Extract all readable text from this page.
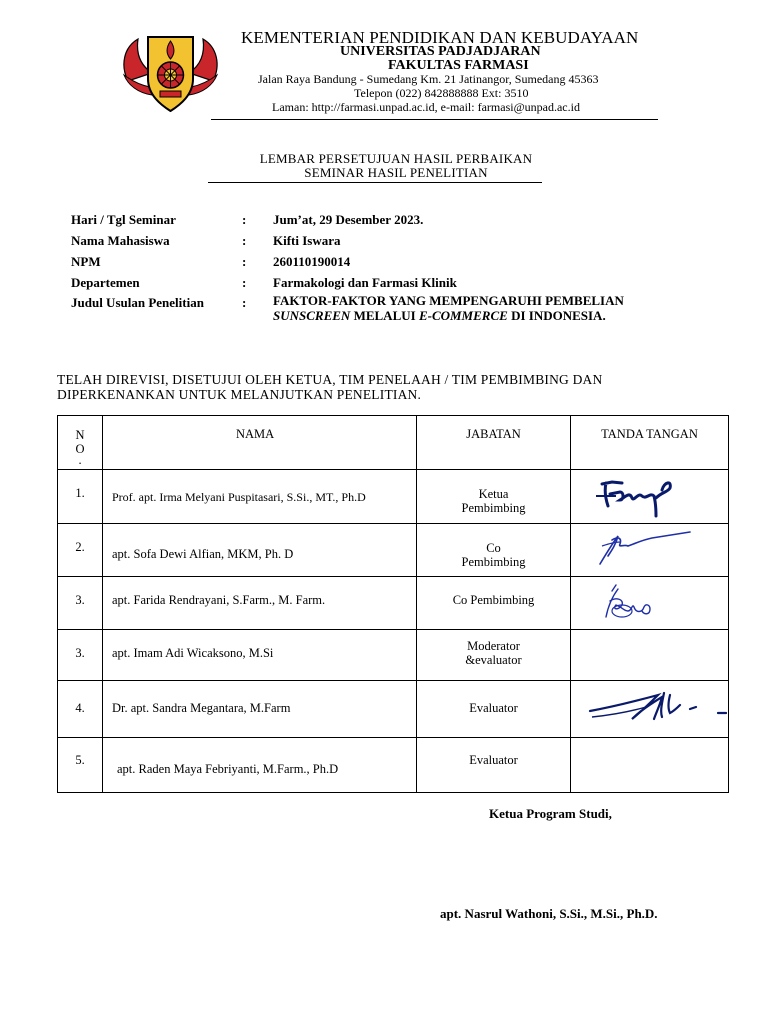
KEMENTERIAN PENDIDIKAN DAN KEBUDAYAAN
UNIVERSITAS PADJADJARAN
FAKULTAS FARMASI
Jalan Raya Bandung - Sumedang Km. 21 Jatinangor, Sumedang 45363
Telepon (022) 842888888 Ext: 3510
Laman: http://farmasi.unpad.ac.id, e-mail: farmasi@unpad.ac.id
LEMBAR PERSETUJUAN HASIL PERBAIKAN
SEMINAR HASIL PENELITIAN
Hari / Tgl Seminar	: Jum’at, 29 Desember 2023.
Nama Mahasiswa	: Kifti Iswara
NPM	: 260110190014
Departemen	: Farmakologi dan Farmasi Klinik
Judul Usulan Penelitian	: FAKTOR-FAKTOR YANG MEMPENGARUHI PEMBELIAN
SUNSCREEN MELALUI E-COMMERCE DI INDONESIA.
TELAH DIREVISI, DISETUJUI OLEH KETUA, TIM PENELAAH / TIM PEMBIMBING DAN
DIPERKENANKAN UNTUK MELANJUTKAN PENELITIAN.
N
O
.	NAMA	JABATAN	TANDA TANGAN

1.	Prof. apt. Irma Melyani Puspitasari, S.Si., MT., Ph.D	Ketua
Pembimbing

2.	apt. Sofa Dewi Alfian, MKM, Ph. D	Co
Pembimbing

3.	apt. Farida Rendrayani, S.Farm., M. Farm.	Co Pembimbing

3.	apt. Imam Adi Wicaksono, M.Si	Moderator
&evaluator	

4.	Dr. apt. Sandra Megantara, M.Farm	Evaluator

5.	apt. Raden Maya Febriyanti, M.Farm., Ph.D	Evaluator	

Ketua Program Studi,
apt. Nasrul Wathoni, S.Si., M.Si., Ph.D.
